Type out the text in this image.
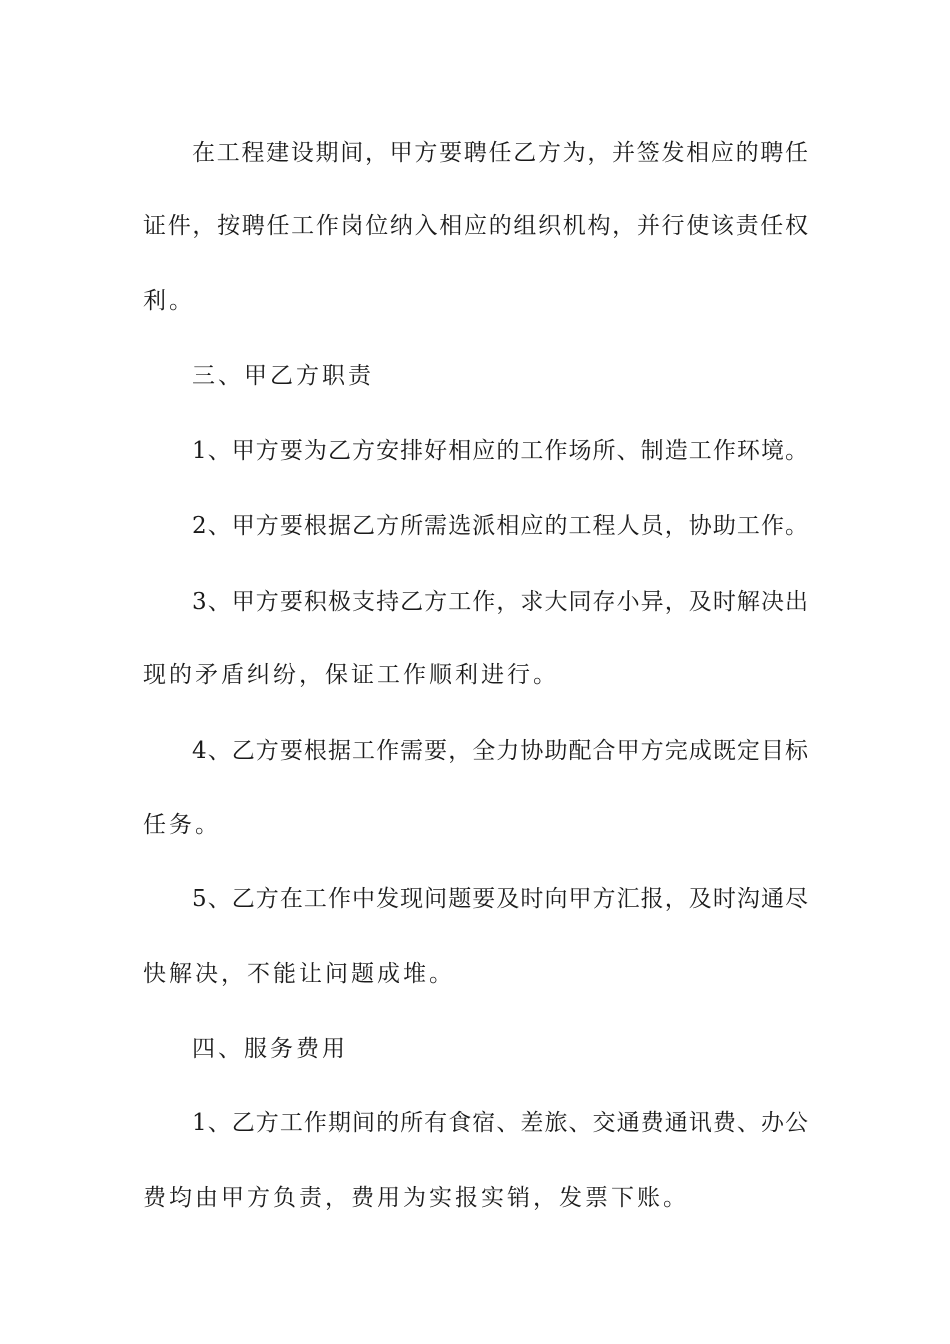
在工程建设期间，甲方要聘任乙方为，并签发相应的聘任

证件，按聘任工作岗位纳入相应的组织机构，并行使该责任权

利。

三、甲乙方职责

1、甲方要为乙方安排好相应的工作场所、制造工作环境。

2、甲方要根据乙方所需选派相应的工程人员，协助工作。

3、甲方要积极支持乙方工作，求大同存小异，及时解决出

现的矛盾纠纷，保证工作顺利进行。

4、乙方要根据工作需要，全力协助配合甲方完成既定目标

任务。

5、乙方在工作中发现问题要及时向甲方汇报，及时沟通尽

快解决，不能让问题成堆。

四、服务费用

1、乙方工作期间的所有食宿、差旅、交通费通讯费、办公

费均由甲方负责，费用为实报实销，发票下账。
